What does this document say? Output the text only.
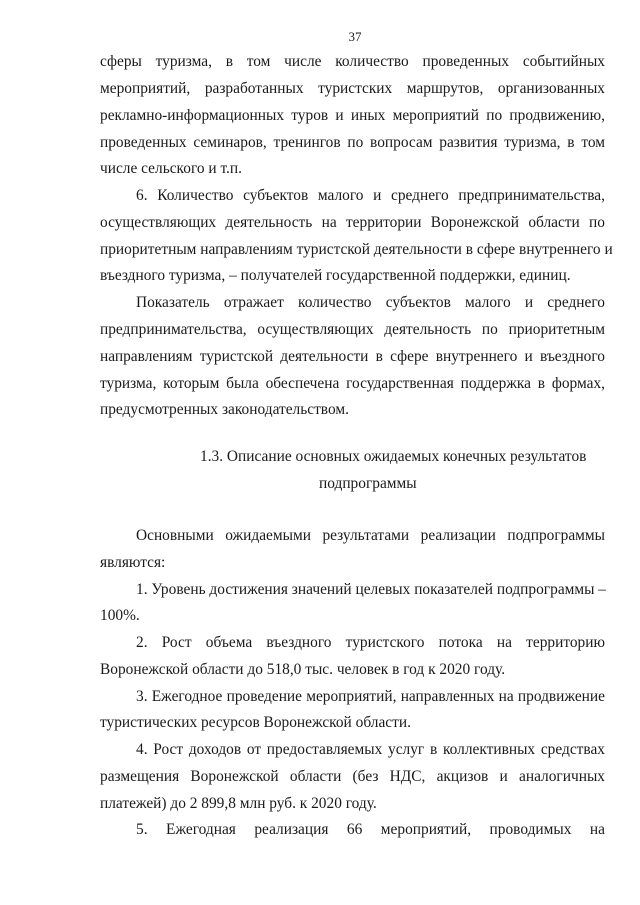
37
сферы туризма, в том числе количество проведенных событийных
мероприятий, разработанных туристских маршрутов, организованных
рекламно-информационных туров и иных мероприятий по продвижению,
проведенных семинаров, тренингов по вопросам развития туризма, в том
числе сельского и т.п.
6. Количество субъектов малого и среднего предпринимательства,
осуществляющих деятельность на территории Воронежской области по
приоритетным направлениям туристской деятельности в сфере внутреннего и
въездного туризма, – получателей государственной поддержки, единиц.
Показатель отражает количество субъектов малого и среднего
предпринимательства, осуществляющих деятельность по приоритетным
направлениям туристской деятельности в сфере внутреннего и въездного
туризма, которым была обеспечена государственная поддержка в формах,
предусмотренных законодательством.
1.3. Описание основных ожидаемых конечных результатов
подпрограммы
Основными ожидаемыми результатами реализации подпрограммы
являются:
1. Уровень достижения значений целевых показателей подпрограммы –
100%.
2. Рост объема въездного туристского потока на территорию
Воронежской области до 518,0 тыс. человек в год к 2020 году.
3. Ежегодное проведение мероприятий, направленных на продвижение
туристических ресурсов Воронежской области.
4. Рост доходов от предоставляемых услуг в коллективных средствах
размещения Воронежской области (без НДС, акцизов и аналогичных
платежей) до 2 899,8 млн руб. к 2020 году.
5. Ежегодная реализация 66 мероприятий, проводимых на
